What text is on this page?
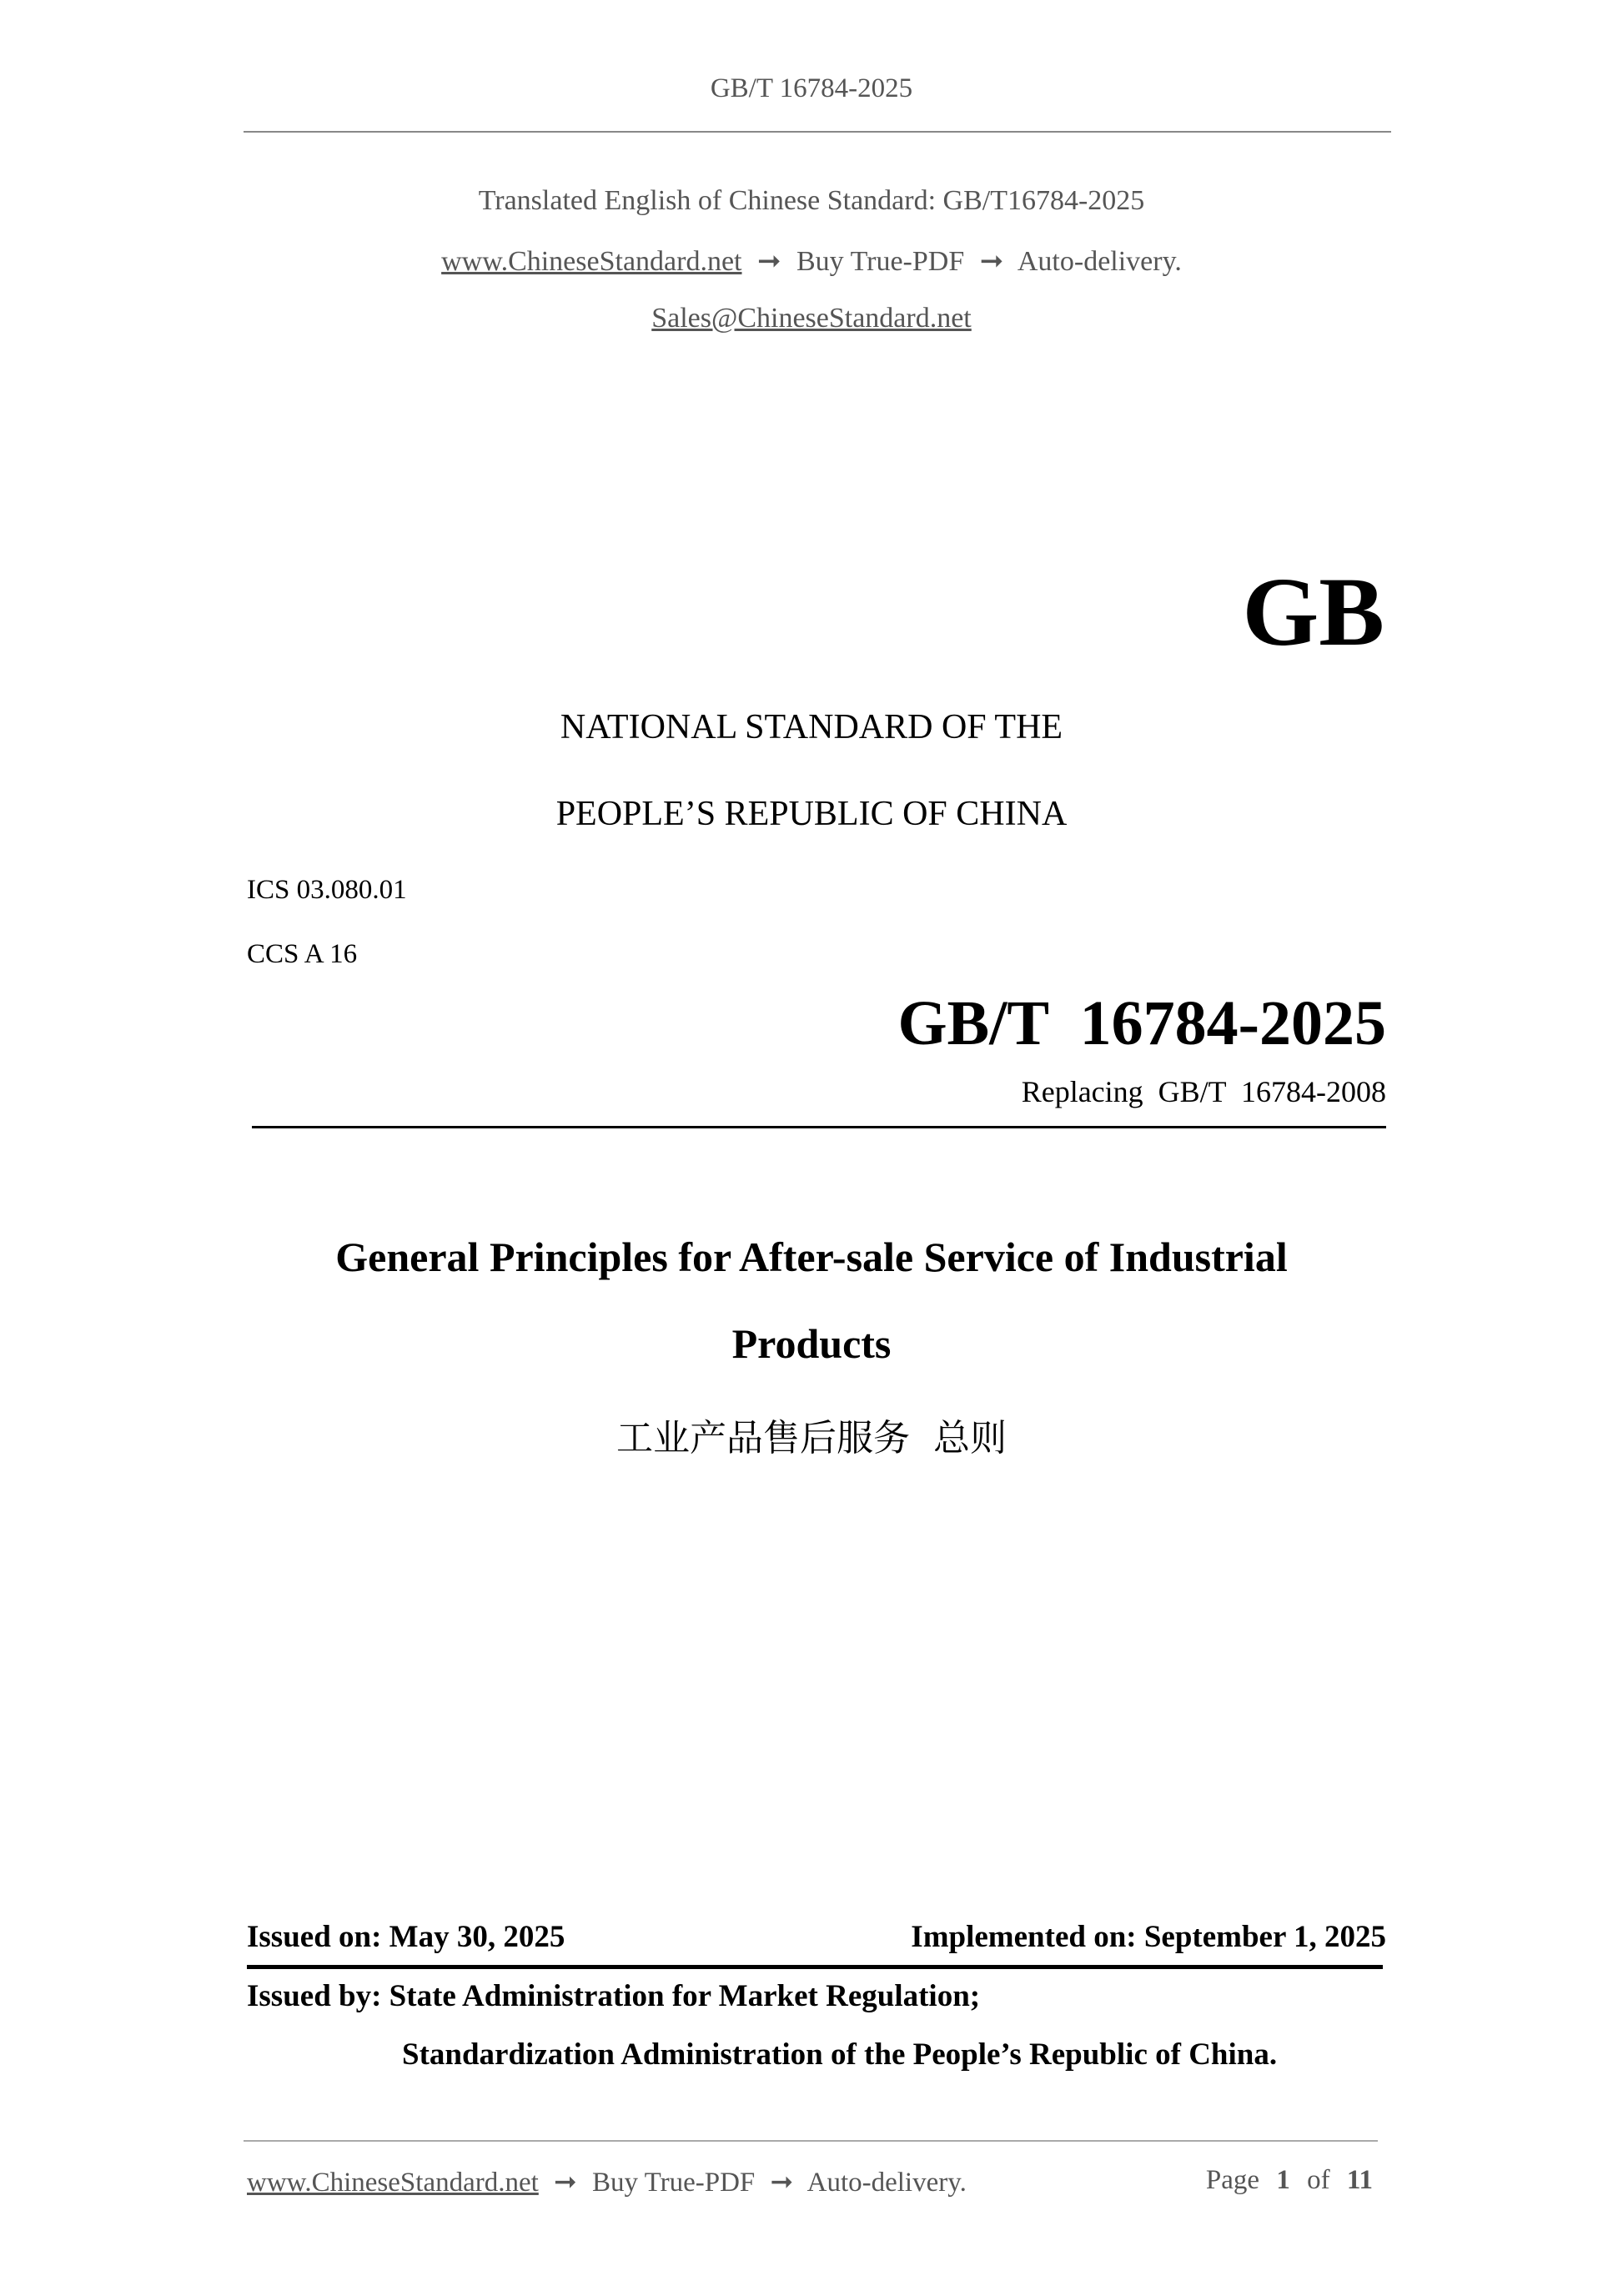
GB/T 16784-2025
Translated English of Chinese Standard: GB/T16784-2025
www.ChineseStandard.net ➞ Buy True-PDF ➞ Auto-delivery.
Sales@ChineseStandard.net
GB
NATIONAL STANDARD OF THE
PEOPLE’S REPUBLIC OF CHINA
ICS 03.080.01
CCS A 16
GB/T  16784-2025
Replacing  GB/T  16784-2008
General Principles for After-sale Service of Industrial
Products
工业产品售后服务  总则
Issued on: May 30, 2025	Implemented on: September 1, 2025
Issued by: State Administration for Market Regulation;
Standardization Administration of the People’s Republic of China.
www.ChineseStandard.net ➞ Buy True-PDF ➞ Auto-delivery.	Page 1 of 11
